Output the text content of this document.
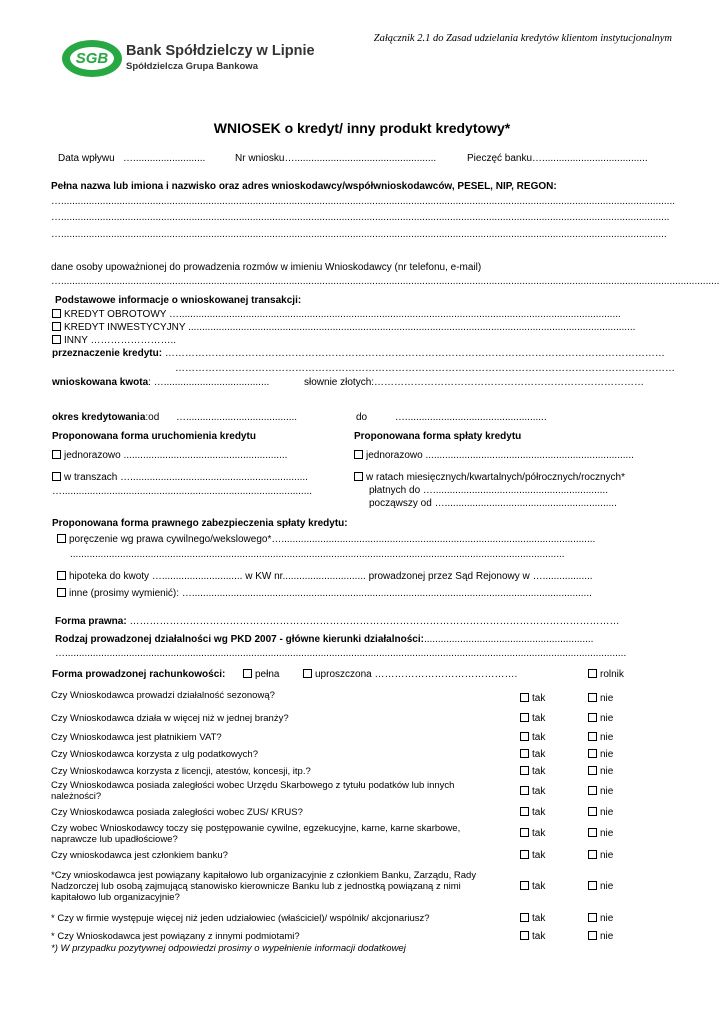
Załącznik 2.1 do Zasad udzielania kredytów klientom instytucjonalnym
SGB	Bank Spółdzielczy w Lipnie
Spółdzielcza Grupa Bankowa
WNIOSEK o kredyt/ inny produkt kredytowy*
Data wpływu …..........................	Nr wniosku…...................................................	Pieczęć banku…......................................
Pełna nazwa lub imiona i nazwisko oraz adres wnioskodawcy/współwnioskodawców, PESEL, NIP, REGON:
….............................................................................................................................................................................................................................
…...........................................................................................................................................................................................................................
…..........................................................................................................................................................................................................................
dane osoby upoważnionej do prowadzenia rozmów w imieniu Wnioskodawcy (nr telefonu, e-mail)
….............................................................................................................................................................................................................................................
Podstawowe informacje o wnioskowanej transakcji:
KREDYT OBROTOWY …...............................................................................................................................................................
KREDYT INWESTYCYJNY .................................................................................................................................................................
INNY ……………………..
przeznaczenie kredytu: ……………………………………………………………………………………………………………………………………
……………………………………………………………………………………………………………………………………
wnioskowana kwota: …......................................	słownie złotych:………………………………………………………………………
okres kredytowania:od …........................................	do	…...................................................
Proponowana forma uruchomienia kredytu	Proponowana forma spłaty kredytu
jednorazowo ...........................................................	jednorazowo ...........................................................................
w transzach …................................................................
…..........................................................................................
w ratach miesięcznych/kwartalnych/półrocznych/rocznych*
płatnych do …...............................................................
począwszy od …..............................................................
Proponowana forma prawnego zabezpieczenia spłaty kredytu:
poręczenie wg prawa cywilnego/wekslowego*….................................................................................................................
..................................................................................................................................................................................
hipoteka do kwoty …............................. w KW nr.............................. prowadzonej przez Sąd Rejonowy w …..................
inne (prosimy wymienić): …................................................................................................................................................
Forma prawna: …………………………………………………………………………………………………………………………………
Rodzaj prowadzonej działalności wg PKD 2007 - główne kierunki działalności:.............................................................
…..........................................................................................................................................................................................................
Forma prowadzonej rachunkowości:	pełna	uproszczona …………………………………….	rolnik
Czy Wnioskodawca prowadzi działalność sezonową?	tak	nie
Czy Wnioskodawca działa w więcej niż w jednej branży?	tak	nie
Czy Wnioskodawca jest płatnikiem VAT?	tak	nie
Czy Wnioskodawca korzysta z ulg podatkowych?	tak	nie
Czy Wnioskodawca korzysta z licencji, atestów, koncesji, itp.?	tak	nie
Czy Wnioskodawca posiada zaległości wobec Urzędu Skarbowego z tytułu podatków lub innych należności?	tak	nie
Czy Wnioskodawca posiada zaległości wobec ZUS/ KRUS?	tak	nie
Czy wobec Wnioskodawcy toczy się postępowanie cywilne, egzekucyjne, karne, karne skarbowe, naprawcze lub upadłościowe?
tak	nie
Czy wnioskodawca jest członkiem banku?	tak	nie
*Czy wnioskodawca jest powiązany kapitałowo lub organizacyjnie z członkiem Banku, Zarządu, Rady Nadzorczej lub osobą zajmującą stanowisko kierownicze Banku lub z jednostką powiązaną z nimi kapitałowo lub organizacyjnie?
tak	nie
* Czy w firmie występuje więcej niż jeden udziałowiec (właściciel)/ wspólnik/ akcjonariusz?	tak	nie
* Czy Wnioskodawca jest powiązany z innymi podmiotami?	tak	nie
*) W przypadku pozytywnej odpowiedzi prosimy o wypełnienie informacji dodatkowej
